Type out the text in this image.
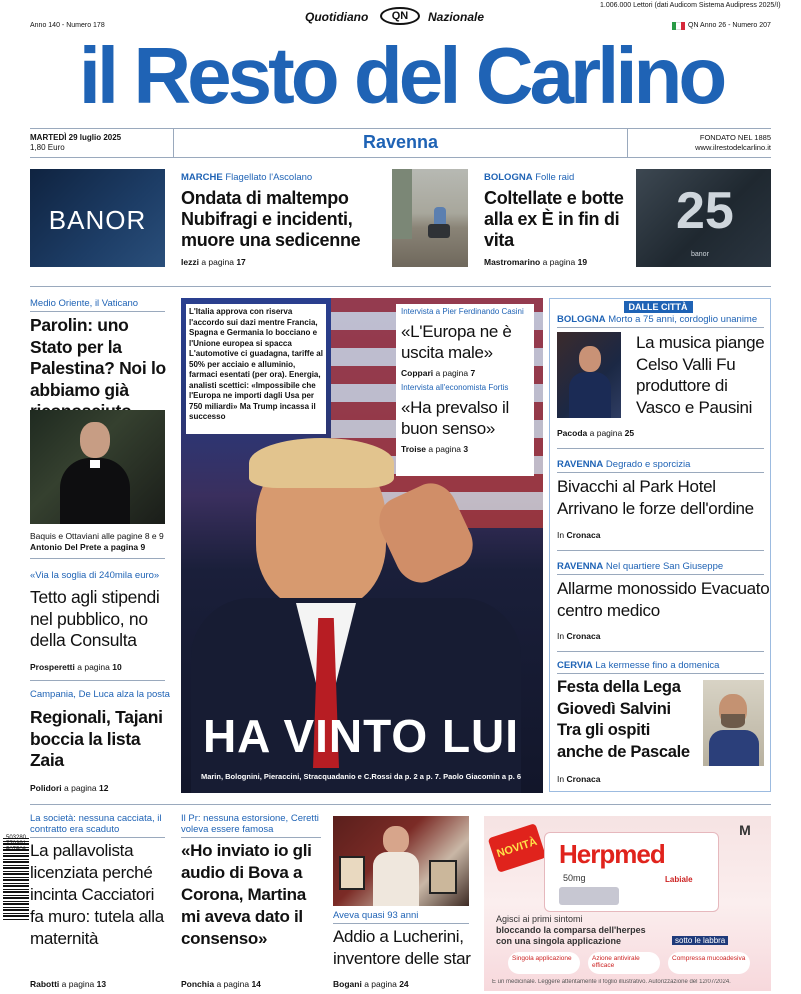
Anno 140 - Numero 178
Quotidiano	QN	Nazionale
1.006.000 Lettori (dati Audicom Sistema Audipress 2025/I)
QN Anno 26 - Numero 207
il Resto del Carlino
MARTEDÌ 29 luglio 2025
1,80 Euro	Ravenna	FONDATO NEL 1885
www.ilrestodelcarlino.it
BANOR
MARCHE Flagellato l'Ascolano
Ondata di maltempo Nubifragi e incidenti, muore una sedicenne
Iezzi a pagina 17
BOLOGNA Folle raid
Coltellate e botte alla ex È in fin di vita
Mastromarino a pagina 19
25
banor
Medio Oriente, il Vaticano
Parolin: uno Stato per la Palestina? Noi lo abbiamo già
Baquis e Ottaviani alle pagine 8 e 9
Antonio Del Prete a pagina 9
«Via la soglia di 240mila euro»
Tetto agli stipendi nel pubblico, no della Consulta
Prosperetti a pagina 10
Campania, De Luca alza la posta
Regionali, Tajani boccia la lista Zaia
Polidori a pagina 12
L'Italia approva con riserva l'accordo sui dazi mentre Francia, Spagna e Germania lo bocciano e l'Unione europea si spacca L'automotive ci guadagna, tariffe al 50% per acciaio e alluminio, farmaci esentati (per ora). Energia, analisti scettici: «Impossibile che l'Europa ne importi dagli Usa per 750 miliardi» Ma Trump incassa il successo
Intervista a Pier Ferdinando Casini
«L'Europa ne è uscita male»
Coppari a pagina 7
Intervista all'economista Fortis
«Ha prevalso il buon senso»
Troise a pagina 3
HA VINTO LUI
Marin, Bolognini, Pieraccini, Stracquadanio e C.Rossi da p. 2 a p. 7. Paolo Giacomin a p. 6
DALLE CITTÀ
BOLOGNA Morto a 75 anni, cordoglio unanime
La musica piange Celso Valli Fu produttore di Vasco e Pausini
Pacoda a pagina 25
RAVENNA Degrado e sporcizia
Bivacchi al Park Hotel Arrivano le forze dell'ordine
In Cronaca
RAVENNA Nel quartiere San Giuseppe
Allarme monossido Evacuato centro medico
In Cronaca
CERVIA La kermesse fino a domenica
Festa della Lega Giovedì Salvini Tra gli ospiti anche de Pascale
In Cronaca
503280 770391 507508
La società: nessuna cacciata, il contratto era scaduto
La pallavolista licenziata perché incinta Cacciatori fa muro: tutela alla maternità
Rabotti a pagina 13
Il Pr: nessuna estorsione, Ceretti voleva essere famosa
«Ho inviato io gli audio di Bova a Corona, Martina mi aveva dato il consenso»
Ponchia a pagina 14
Aveva quasi 93 anni
Addio a Lucherini, inventore delle star
Bogani a pagina 24
NOVITÀ
M
Herpmed
50mg	Labiale
Agisci ai primi sintomi
bloccando la comparsa dell'herpes
con una singola applicazione	sotto le labbra
Singola applicazione	Azione antivirale efficace
Compressa mucoadesiva
È un medicinale. Leggere attentamente il foglio illustrativo. Autorizzazione del 12/07/2024.
